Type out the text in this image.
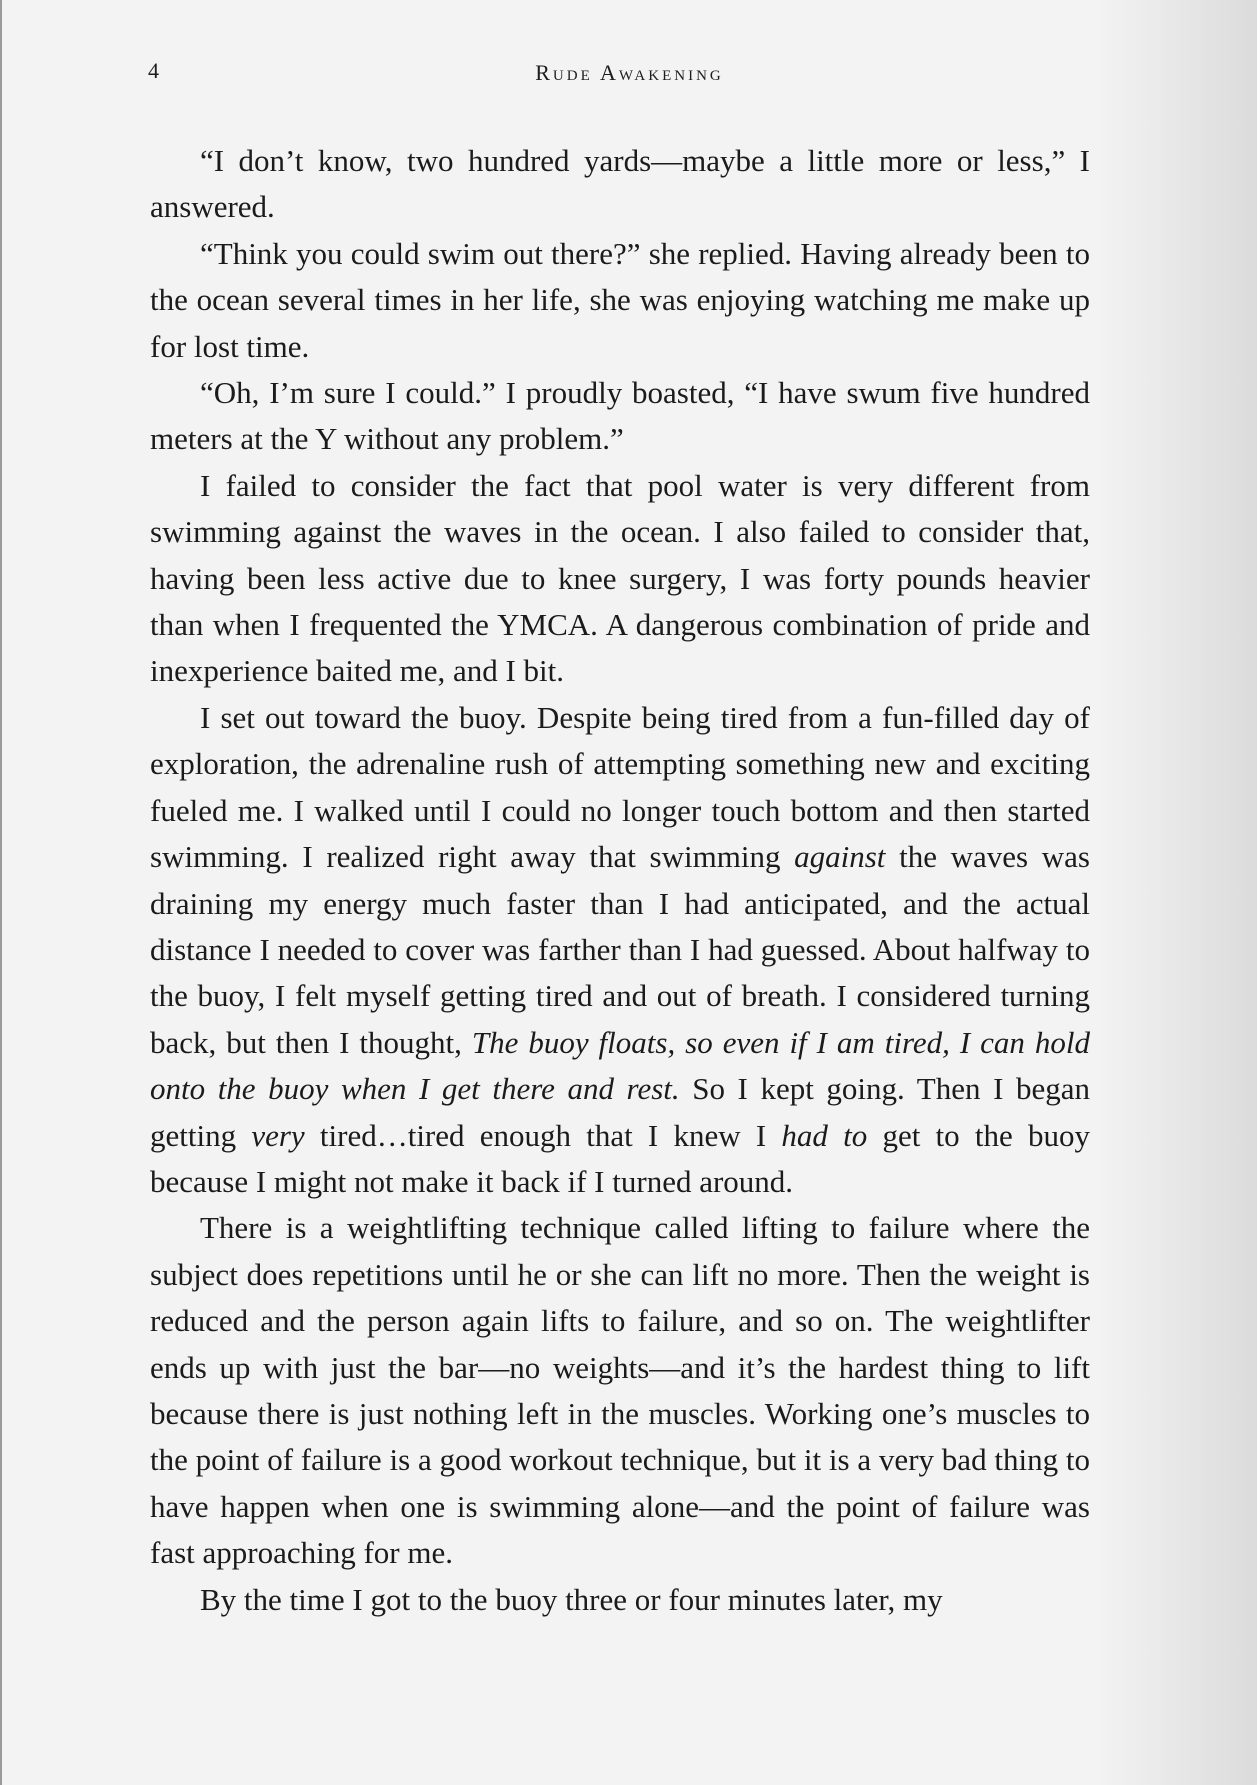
4	Rude Awakening

“I don’t know, two hundred yards—maybe a little more or less,” I answered.

“Think you could swim out there?” she replied. Having already been to the ocean several times in her life, she was enjoying watching me make up for lost time.

“Oh, I’m sure I could.” I proudly boasted, “I have swum five hundred meters at the Y without any problem.”

I failed to consider the fact that pool water is very different from swimming against the waves in the ocean. I also failed to consider that, having been less active due to knee surgery, I was forty pounds heavier than when I frequented the YMCA. A dangerous combination of pride and inexperience baited me, and I bit.

I set out toward the buoy. Despite being tired from a fun-filled day of exploration, the adrenaline rush of attempting something new and exciting fueled me. I walked until I could no longer touch bottom and then started swimming. I realized right away that swimming against the waves was draining my energy much faster than I had anticipated, and the actual distance I needed to cover was farther than I had guessed. About halfway to the buoy, I felt myself getting tired and out of breath. I considered turning back, but then I thought, The buoy floats, so even if I am tired, I can hold onto the buoy when I get there and rest. So I kept going. Then I began getting very tired…tired enough that I knew I had to get to the buoy because I might not make it back if I turned around.

There is a weightlifting technique called lifting to failure where the subject does repetitions until he or she can lift no more. Then the weight is reduced and the person again lifts to failure, and so on. The weightlifter ends up with just the bar—no weights—and it’s the hardest thing to lift because there is just nothing left in the muscles. Working one’s muscles to the point of failure is a good workout technique, but it is a very bad thing to have happen when one is swimming alone—and the point of failure was fast approaching for me.

By the time I got to the buoy three or four minutes later, my
